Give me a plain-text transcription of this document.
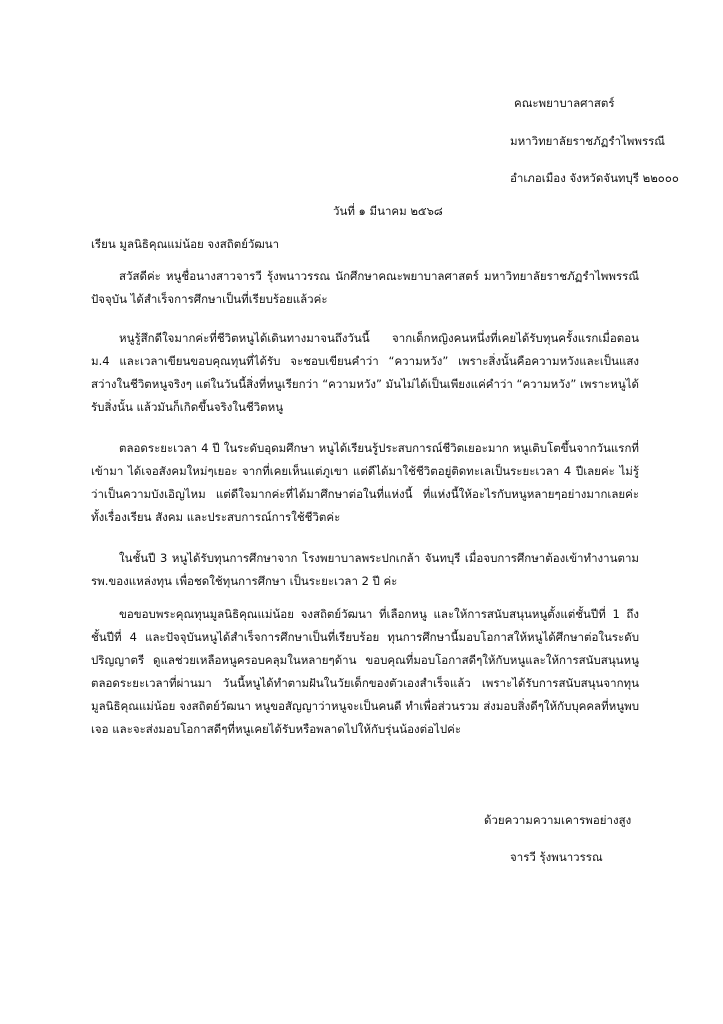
คณะพยาบาลศาสตร์
มหาวิทยาลัยราชภัฏรำไพพรรณี
อำเภอเมือง จังหวัดจันทบุรี ๒๒๐๐๐
วันที่ ๑ มีนาคม ๒๕๖๘
เรียน มูลนิธิคุณแม่น้อย จงสถิตย์วัฒนา

สวัสดีค่ะ หนูชื่อนางสาวจารวี รุ้งพนาวรรณ นักศึกษาคณะพยาบาลศาสตร์ มหาวิทยาลัยราชภัฏรำไพพรรณี ปัจจุบัน ได้สำเร็จการศึกษาเป็นที่เรียบร้อยแล้วค่ะ

หนูรู้สึกดีใจมากค่ะที่ชีวิตหนูได้เดินทางมาจนถึงวันนี้ จากเด็กหญิงคนหนึ่งที่เคยได้รับทุนครั้งแรกเมื่อตอน ม.4 และเวลาเขียนขอบคุณทุนที่ได้รับ จะชอบเขียนคำว่า “ความหวัง” เพราะสิ่งนั้นคือความหวังและเป็นแสงสว่างในชีวิตหนูจริงๆ แต่ในวันนี้สิ่งที่หนูเรียกว่า “ความหวัง” มันไม่ได้เป็นเพียงแค่คำว่า “ความหวัง” เพราะหนูได้รับสิ่งนั้น แล้วมันก็เกิดขึ้นจริงในชีวิตหนู

ตลอดระยะเวลา 4 ปี ในระดับอุดมศึกษา หนูได้เรียนรู้ประสบการณ์ชีวิตเยอะมาก หนูเติบโตขึ้นจากวันแรกที่เข้ามา ได้เจอสังคมใหม่ๆเยอะ จากที่เคยเห็นแต่ภูเขา แต่ดีได้มาใช้ชีวิตอยู่ติดทะเลเป็นระยะเวลา 4 ปีเลยค่ะ ไม่รู้ว่าเป็นความบังเอิญไหม แต่ดีใจมากค่ะที่ได้มาศึกษาต่อในที่แห่งนี้ ที่แห่งนี้ให้อะไรกับหนูหลายๆอย่างมากเลยค่ะ ทั้งเรื่องเรียน สังคม และประสบการณ์การใช้ชีวิตค่ะ

ในชั้นปี 3 หนูได้รับทุนการศึกษาจาก โรงพยาบาลพระปกเกล้า จันทบุรี เมื่อจบการศึกษาต้องเข้าทำงานตาม รพ.ของแหล่งทุน เพื่อชดใช้ทุนการศึกษา เป็นระยะเวลา 2 ปี ค่ะ

ขอขอบพระคุณทุนมูลนิธิคุณแม่น้อย จงสถิตย์วัฒนา ที่เลือกหนู และให้การสนับสนุนหนูตั้งแต่ชั้นปีที่ 1 ถึงชั้นปีที่ 4 และปัจจุบันหนูได้สำเร็จการศึกษาเป็นที่เรียบร้อย ทุนการศึกษานี้มอบโอกาสให้หนูได้ศึกษาต่อในระดับปริญญาตรี ดูแลช่วยเหลือหนูครอบคลุมในหลายๆด้าน ขอบคุณที่มอบโอกาสดีๆให้กับหนูและให้การสนับสนุนหนูตลอดระยะเวลาที่ผ่านมา วันนี้หนูได้ทำตามฝันในวัยเด็กของตัวเองสำเร็จแล้ว เพราะได้รับการสนับสนุนจากทุนมูลนิธิคุณแม่น้อย จงสถิตย์วัฒนา หนูขอสัญญาว่าหนูจะเป็นคนดี ทำเพื่อส่วนรวม ส่งมอบสิ่งดีๆให้กับบุคคลที่หนูพบเจอ และจะส่งมอบโอกาสดีๆที่หนูเคยได้รับหรือพลาดไปให้กับรุ่นน้องต่อไปค่ะ

ด้วยความความเคารพอย่างสูง
จารวี รุ้งพนาวรรณ
